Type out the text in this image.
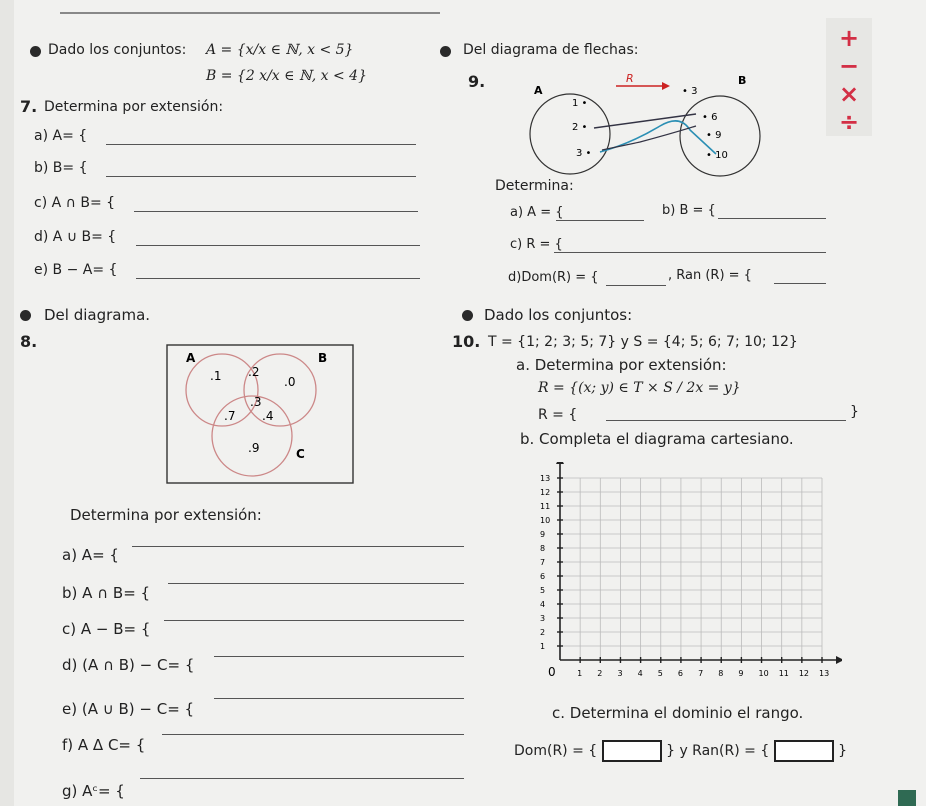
+
−
×
÷
Dado los conjuntos: A = {x/x ∈ ℕ, x < 5}
B = {2 x/x ∈ ℕ, x < 4}
7. Determina por extensión:
a) A= {
b) B= {
c) A ∩ B= {
d) A ∪ B= {
e) B − A= {
Del diagrama de flechas:
9.	A
R	B
1 •
2 •
3 •
• 3
• 6
• 9
• 10
Determina:
a) A = {	b) B = {
c) R = {
d)Dom(R) = {	, Ran (R) = {
Del diagrama.
8.
A	B
C
.1 .2
.0
.3
.7 .4
.9
Determina por extensión:
a) A= {
b) A ∩ B= {
c) A − B= {
d) (A ∩ B) − C= {
e) (A ∪ B) − C= {
f) A Δ C= {
g) Aᶜ= {
Dado los conjuntos:
10. T = {1; 2; 3; 5; 7} y S = {4; 5; 6; 7; 10; 12}
a. Determina por extensión:
R = {(x; y) ∈ T × S / 2x = y}
R = {	}
b. Completa el diagrama cartesiano.
0	1 2 3 4 5 6 7 8 9 10 11 12 13
1
2
3
4
5
6
7
8
9
10
11
12
13
c. Determina el dominio el rango.
Dom(R) = {	} y Ran(R) = {	}
